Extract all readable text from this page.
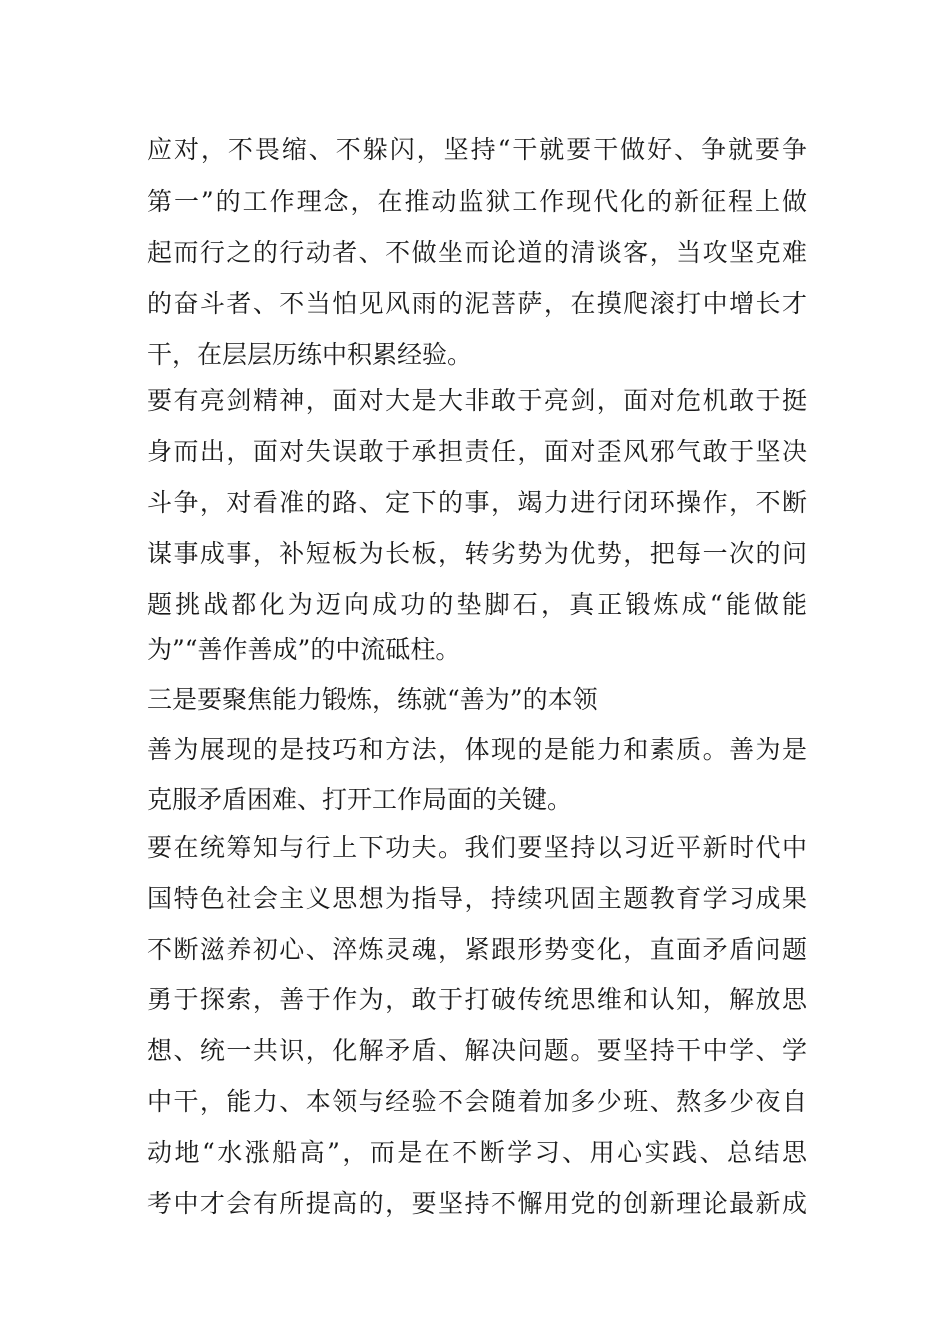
应对，不畏缩、不躲闪，坚持“干就要干做好、争就要争

第一”的工作理念，在推动监狱工作现代化的新征程上做

起而行之的行动者、不做坐而论道的清谈客，当攻坚克难

的奋斗者、不当怕见风雨的泥菩萨，在摸爬滚打中增长才

干，在层层历练中积累经验。

要有亮剑精神，面对大是大非敢于亮剑，面对危机敢于挺

身而出，面对失误敢于承担责任，面对歪风邪气敢于坚决

斗争，对看准的路、定下的事，竭力进行闭环操作，不断

谋事成事，补短板为长板，转劣势为优势，把每一次的问

题挑战都化为迈向成功的垫脚石，真正锻炼成“能做能

为”“善作善成”的中流砥柱。

三是要聚焦能力锻炼，练就“善为”的本领

善为展现的是技巧和方法，体现的是能力和素质。善为是

克服矛盾困难、打开工作局面的关键。

要在统筹知与行上下功夫。我们要坚持以习近平新时代中

国特色社会主义思想为指导，持续巩固主题教育学习成果

不断滋养初心、淬炼灵魂，紧跟形势变化，直面矛盾问题

勇于探索，善于作为，敢于打破传统思维和认知，解放思

想、统一共识，化解矛盾、解决问题。要坚持干中学、学

中干，能力、本领与经验不会随着加多少班、熬多少夜自

动地“水涨船高”，而是在不断学习、用心实践、总结思

考中才会有所提高的，要坚持不懈用党的创新理论最新成
